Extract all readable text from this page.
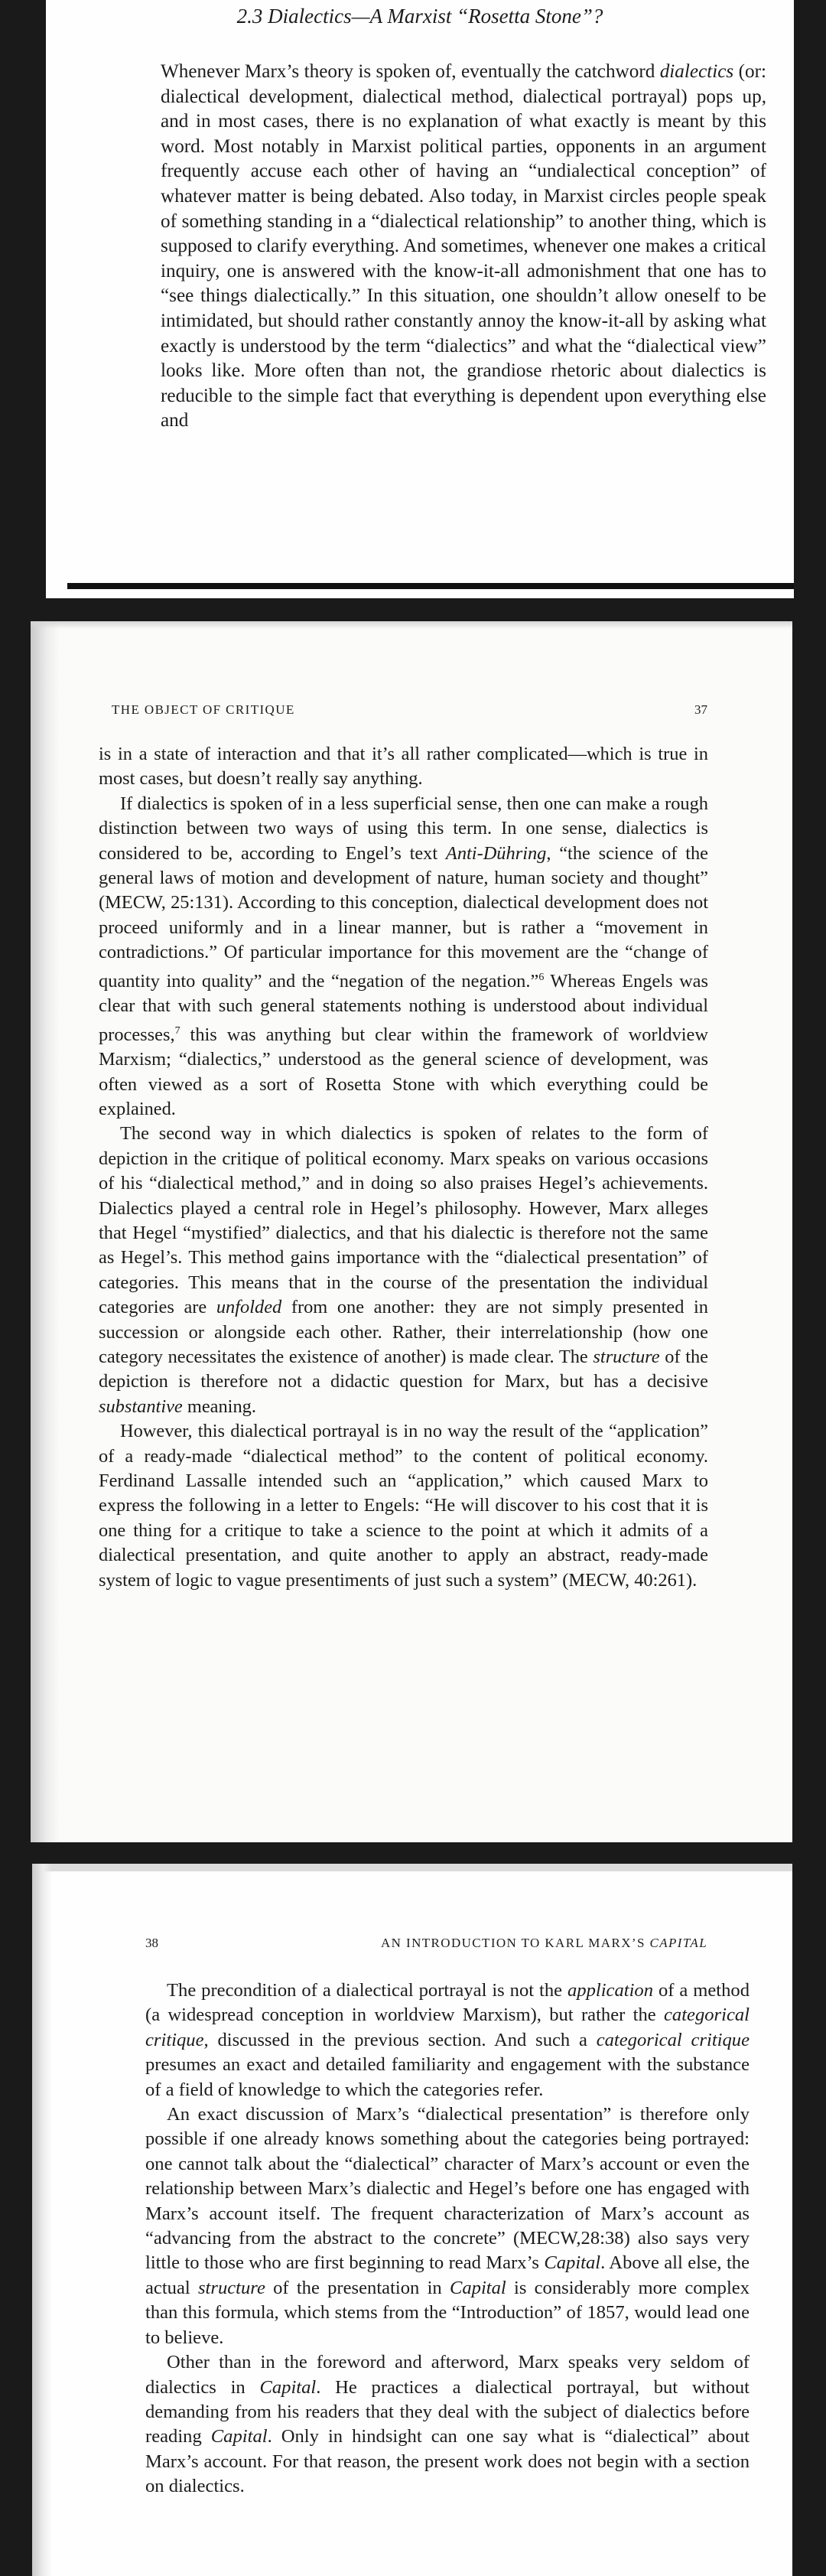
2.3 Dialectics—A Marxist “Rosetta Stone”?

Whenever Marx’s theory is spoken of, eventually the catchword dialectics (or: dialectical development, dialectical method, dialectical portrayal) pops up, and in most cases, there is no explanation of what exactly is meant by this word. Most notably in Marxist political parties, opponents in an argument frequently accuse each other of having an “undialectical conception” of whatever matter is being debated. Also today, in Marxist circles people speak of something standing in a “dialectical relationship” to another thing, which is supposed to clarify everything. And sometimes, whenever one makes a critical inquiry, one is answered with the know-it-all admonishment that one has to “see things dialectically.” In this situation, one shouldn’t allow oneself to be intimidated, but should rather constantly annoy the know-it-all by asking what exactly is understood by the term “dialectics” and what the “dialectical view” looks like. More often than not, the grandiose rhetoric about dialectics is reducible to the simple fact that everything is dependent upon everything else and

THE OBJECT OF CRITIQUE	37

is in a state of interaction and that it’s all rather complicated—which is true in most cases, but doesn’t really say anything.

If dialectics is spoken of in a less superficial sense, then one can make a rough distinction between two ways of using this term. In one sense, dialectics is considered to be, according to Engel’s text Anti-Dühring, “the science of the general laws of motion and development of nature, human society and thought” (MECW, 25:131). According to this conception, dialectical development does not proceed uniformly and in a linear manner, but is rather a “movement in contradictions.” Of particular importance for this movement are the “change of quantity into quality” and the “negation of the negation.”$^6$ Whereas Engels was clear that with such general statements nothing is understood about individual processes,$^7$ this was anything but clear within the framework of worldview Marxism; “dialectics,” understood as the general science of development, was often viewed as a sort of Rosetta Stone with which everything could be explained.

The second way in which dialectics is spoken of relates to the form of depiction in the critique of political economy. Marx speaks on various occasions of his “dialectical method,” and in doing so also praises Hegel’s achievements. Dialectics played a central role in Hegel’s philosophy. However, Marx alleges that Hegel “mystified” dialectics, and that his dialectic is therefore not the same as Hegel’s. This method gains importance with the “dialectical presentation” of categories. This means that in the course of the presentation the individual categories are unfolded from one another: they are not simply presented in succession or alongside each other. Rather, their interrelationship (how one category necessitates the existence of another) is made clear. The structure of the depiction is therefore not a didactic question for Marx, but has a decisive substantive meaning.

However, this dialectical portrayal is in no way the result of the “application” of a ready-made “dialectical method” to the content of political economy. Ferdinand Lassalle intended such an “application,” which caused Marx to express the following in a letter to Engels: “He will discover to his cost that it is one thing for a critique to take a science to the point at which it admits of a dialectical presentation, and quite another to apply an abstract, ready-made system of logic to vague presentiments of just such a system” (MECW, 40:261).

38	AN INTRODUCTION TO KARL MARX’S CAPITAL

The precondition of a dialectical portrayal is not the application of a method (a widespread conception in worldview Marxism), but rather the categorical critique, discussed in the previous section. And such a categorical critique presumes an exact and detailed familiarity and engagement with the substance of a field of knowledge to which the categories refer.

An exact discussion of Marx’s “dialectical presentation” is therefore only possible if one already knows something about the categories being portrayed: one cannot talk about the “dialectical” character of Marx’s account or even the relationship between Marx’s dialectic and Hegel’s before one has engaged with Marx’s account itself. The frequent characterization of Marx’s account as “advancing from the abstract to the concrete” (MECW,28:38) also says very little to those who are first beginning to read Marx’s Capital. Above all else, the actual structure of the presentation in Capital is considerably more complex than this formula, which stems from the “Introduction” of 1857, would lead one to believe.

Other than in the foreword and afterword, Marx speaks very seldom of dialectics in Capital. He practices a dialectical portrayal, but without demanding from his readers that they deal with the subject of dialectics before reading Capital. Only in hindsight can one say what is “dialectical” about Marx’s account. For that reason, the present work does not begin with a section on dialectics.
